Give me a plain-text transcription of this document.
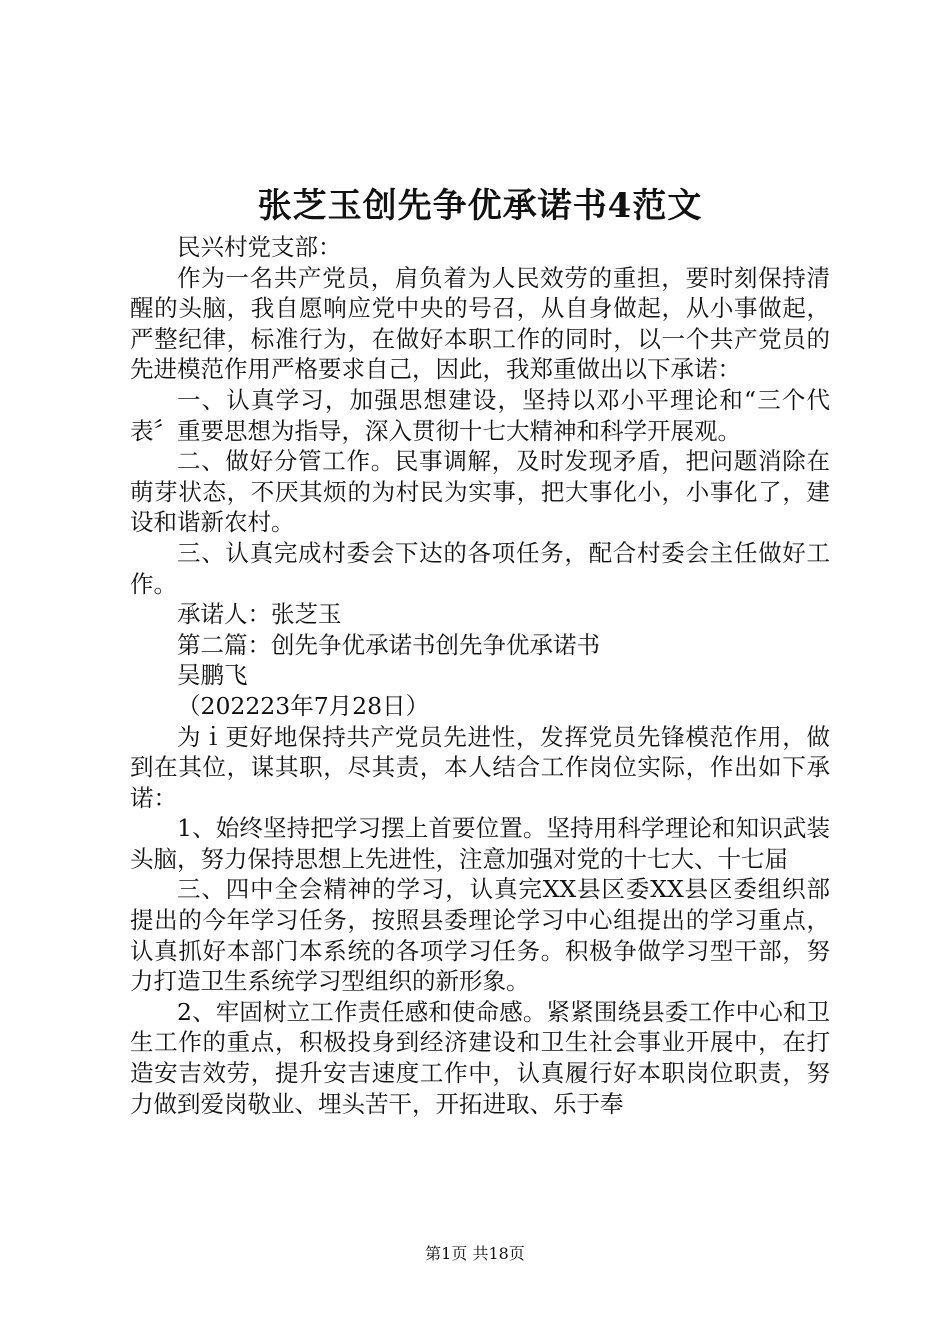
张芝玉创先争优承诺书4范文

民兴村党支部：

作为一名共产党员，肩负着为人民效劳的重担，要时刻保持清醒的头脑，我自愿响应党中央的号召，从自身做起，从小事做起，严整纪律，标准行为，在做好本职工作的同时，以一个共产党员的先进模范作用严格要求自己，因此，我郑重做出以下承诺：

一、认真学习，加强思想建设，坚持以邓小平理论和“三个代表〞重要思想为指导，深入贯彻十七大精神和科学开展观。

二、做好分管工作。民事调解，及时发现矛盾，把问题消除在萌芽状态，不厌其烦的为村民为实事，把大事化小，小事化了，建设和谐新农村。

三、认真完成村委会下达的各项任务，配合村委会主任做好工作。

承诺人：张芝玉

第二篇：创先争优承诺书创先争优承诺书

吴鹏飞

（202223年7月28日）

为ｉ更好地保持共产党员先进性，发挥党员先锋模范作用，做到在其位，谋其职，尽其责，本人结合工作岗位实际，作出如下承诺：

1、始终坚持把学习摆上首要位置。坚持用科学理论和知识武装头脑，努力保持思想上先进性，注意加强对党的十七大、十七届

三、四中全会精神的学习，认真完XX县区委XX县区委组织部提出的今年学习任务，按照县委理论学习中心组提出的学习重点，认真抓好本部门本系统的各项学习任务。积极争做学习型干部，努力打造卫生系统学习型组织的新形象。

2、牢固树立工作责任感和使命感。紧紧围绕县委工作中心和卫生工作的重点，积极投身到经济建设和卫生社会事业开展中，在打造安吉效劳，提升安吉速度工作中，认真履行好本职岗位职责，努力做到爱岗敬业、埋头苦干，开拓进取、乐于奉

第1页 共18页
